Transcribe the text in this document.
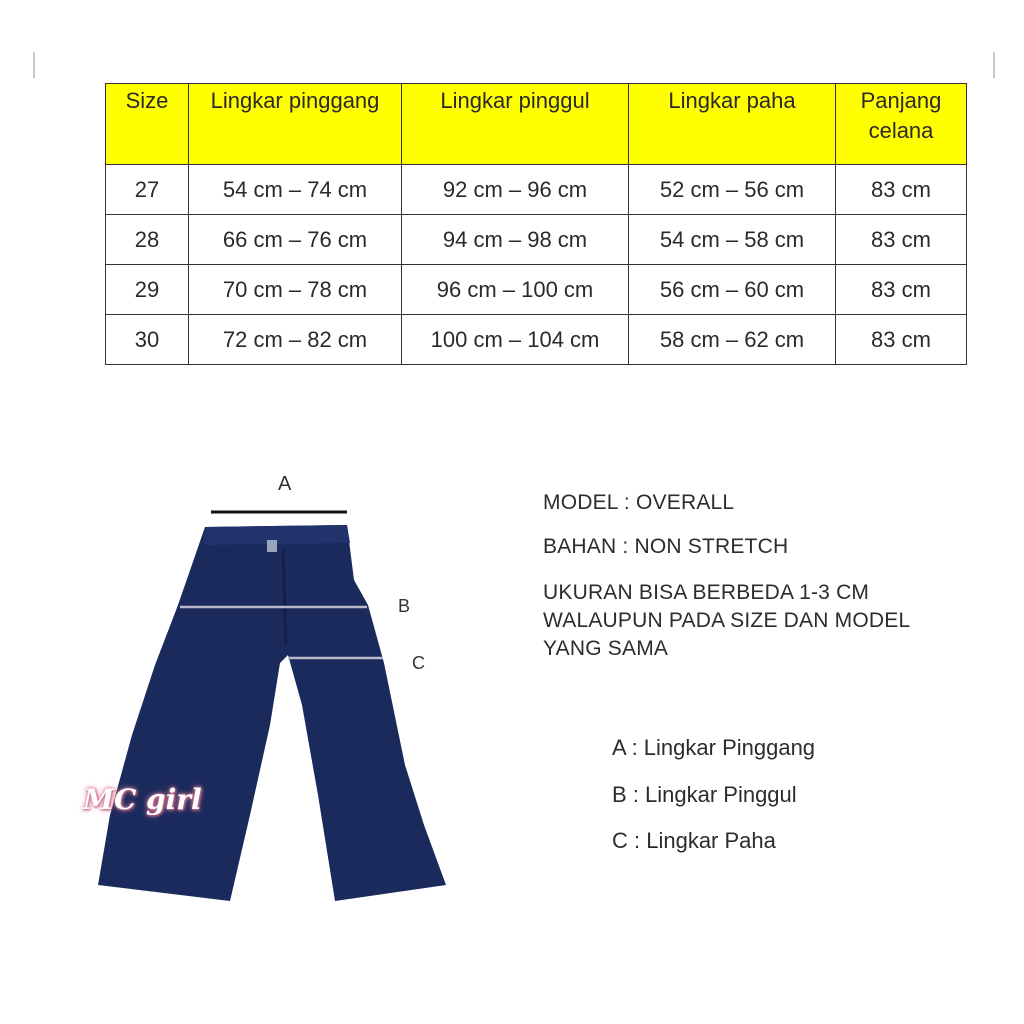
Size	Lingkar pinggang	Lingkar pinggul	Lingkar paha	Panjang celana
27	54 cm – 74 cm	92 cm – 96 cm	52 cm – 56 cm	83 cm
28	66 cm – 76 cm	94 cm – 98 cm	54 cm – 58 cm	83 cm
29	70 cm – 78 cm	96 cm – 100 cm	56 cm – 60 cm	83 cm
30	72 cm – 82 cm	100 cm – 104 cm	58 cm – 62 cm	83 cm
A
B
C
MC girl
MODEL : OVERALL
BAHAN : NON STRETCH
UKURAN BISA BERBEDA 1-3 CM
WALAUPUN PADA SIZE DAN MODEL
YANG SAMA
A : Lingkar Pinggang
B : Lingkar Pinggul
C : Lingkar Paha
